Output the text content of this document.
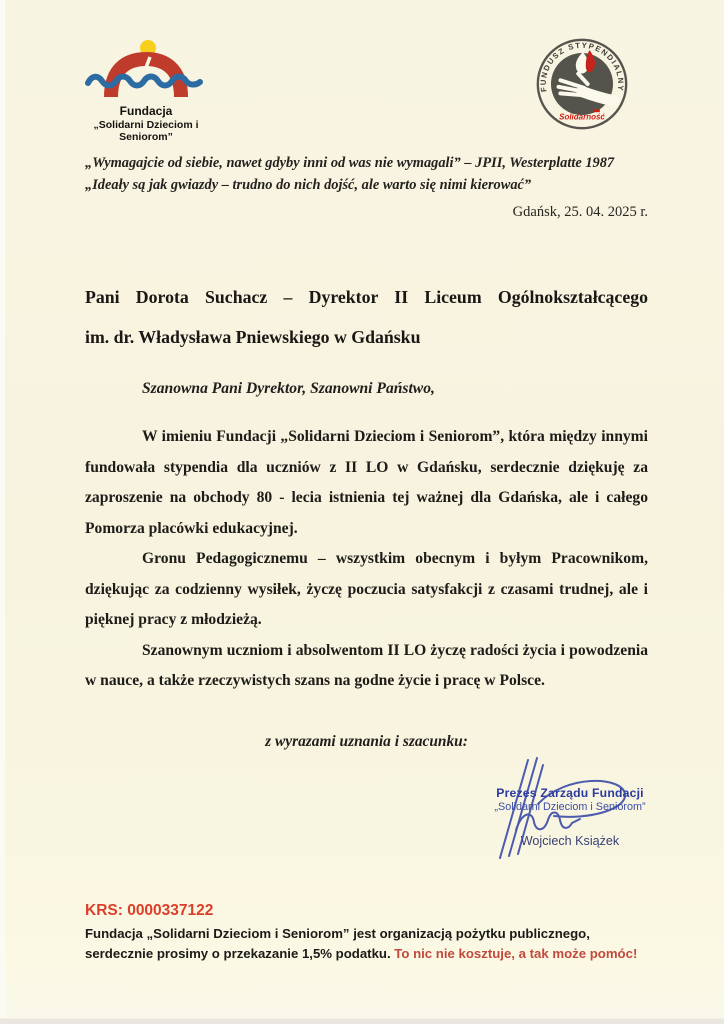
Fundacja
„Solidarni Dzieciom i Seniorom”
FUNDUSZ STYPENDIALNY
Solidarność
„Wymagajcie od siebie, nawet gdyby inni od was nie wymagali” – JPII, Westerplatte 1987
„Ideały są jak gwiazdy – trudno do nich dojść, ale warto się nimi kierować”
Gdańsk, 25. 04. 2025 r.
Pani Dorota Suchacz – Dyrektor II Liceum Ogólnokształcącego
im. dr. Władysława Pniewskiego w Gdańsku
Szanowna Pani Dyrektor, Szanowni Państwo,

W imieniu Fundacji „Solidarni Dzieciom i Seniorom”, która między innymi fundowała stypendia dla uczniów z II LO w Gdańsku, serdecznie dziękuję za zaproszenie na obchody 80 - lecia istnienia tej ważnej dla Gdańska, ale i całego Pomorza placówki edukacyjnej.

Gronu Pedagogicznemu – wszystkim obecnym i byłym Pracownikom, dziękując za codzienny wysiłek, życzę poczucia satysfakcji z czasami trudnej, ale i pięknej pracy z młodzieżą.

Szanownym uczniom i absolwentom II LO życzę radości życia i powodzenia w nauce, a także rzeczywistych szans na godne życie i pracę w Polsce.

z wyrazami uznania i szacunku:
Prezes Zarządu Fundacji
„Solidarni Dzieciom i Seniorom”
Wojciech Książek
KRS: 0000337122

Fundacja „Solidarni Dzieciom i Seniorom” jest organizacją pożytku publicznego, serdecznie prosimy o przekazanie 1,5% podatku. To nic nie kosztuje, a tak może pomóc!
